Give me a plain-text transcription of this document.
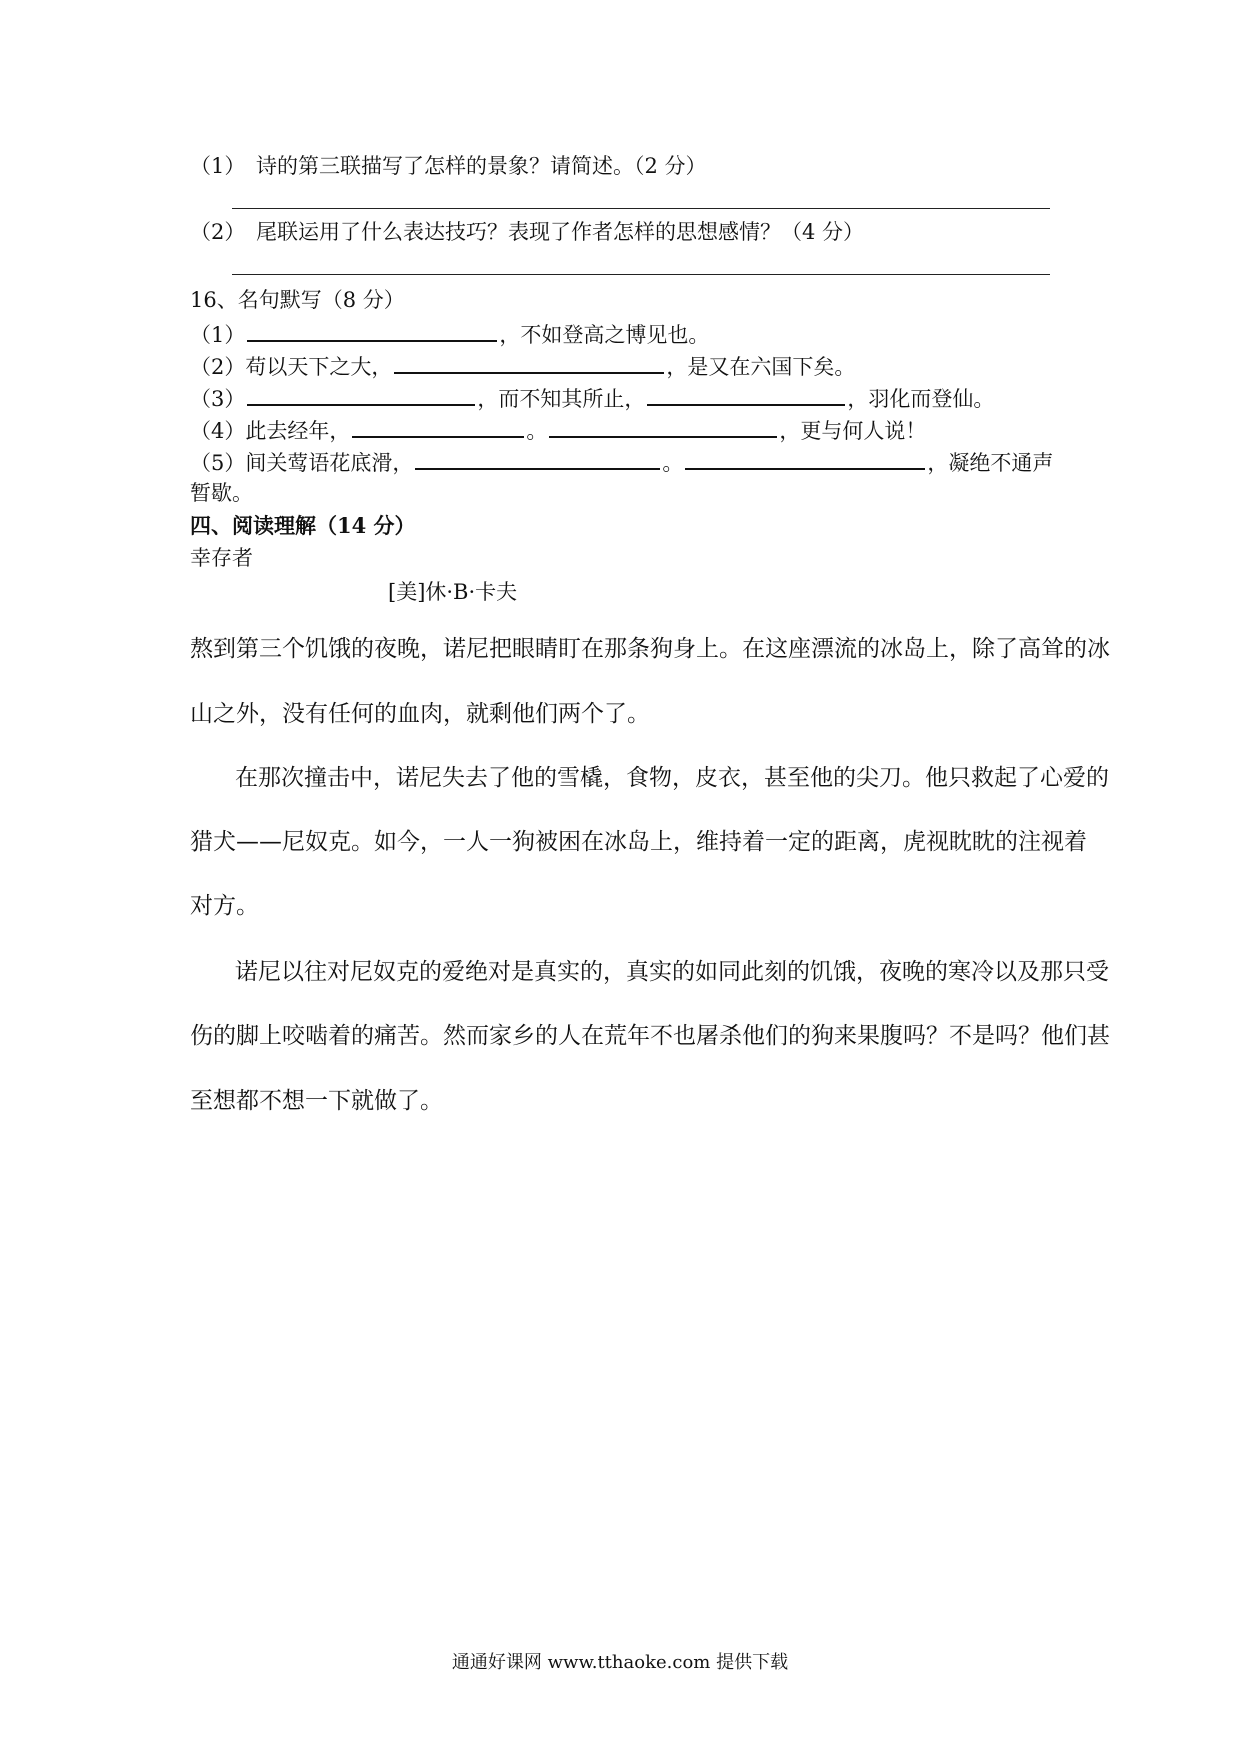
（1） 诗的第三联描写了怎样的景象？请简述。（2 分）
（2） 尾联运用了什么表达技巧？表现了作者怎样的思想感情？（4 分）
16、名句默写（8 分）
（1）	，不如登高之博见也。
（2）苟以天下之大，	，是又在六国下矣。
（3）	，而不知其所止，	，羽化而登仙。
（4）此去经年，	。	，更与何人说！
（5）间关莺语花底滑，	。	，凝绝不通声
暂歇。
四、阅读理解（14 分）
幸存者
[美]休·B·卡夫
熬到第三个饥饿的夜晚，诺尼把眼睛盯在那条狗身上。在这座漂流的冰岛上，除了高耸的冰
山之外，没有任何的血肉，就剩他们两个了。
在那次撞击中，诺尼失去了他的雪橇，食物，皮衣，甚至他的尖刀。他只救起了心爱的
猎犬——尼奴克。如今，一人一狗被困在冰岛上，维持着一定的距离，虎视眈眈的注视着
对方。
诺尼以往对尼奴克的爱绝对是真实的，真实的如同此刻的饥饿，夜晚的寒冷以及那只受
伤的脚上咬啮着的痛苦。然而家乡的人在荒年不也屠杀他们的狗来果腹吗？不是吗？他们甚
至想都不想一下就做了。
通通好课网 www.tthaoke.com 提供下载
